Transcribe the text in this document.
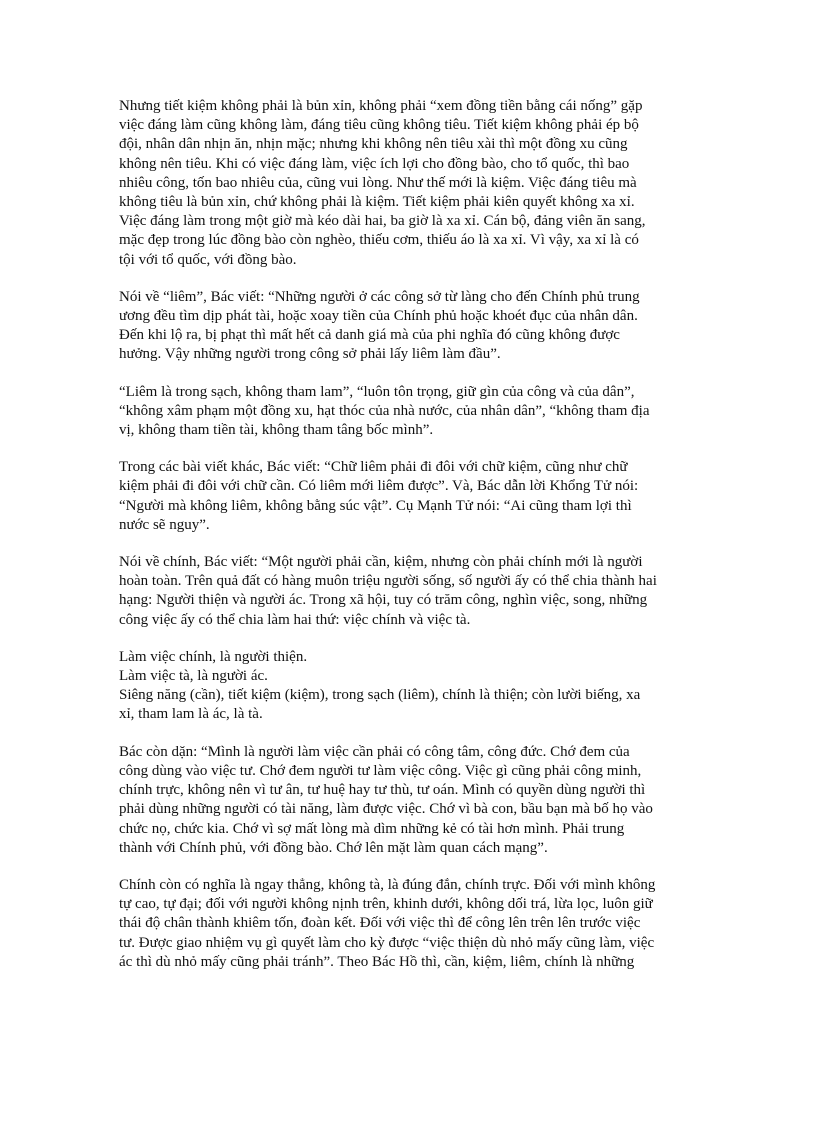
Nhưng tiết kiệm không phải là bủn xỉn, không phải “xem đồng tiền bằng cái nống” gặp
việc đáng làm cũng không làm, đáng tiêu cũng không tiêu. Tiết kiệm không phải ép bộ
đội, nhân dân nhịn ăn, nhịn mặc; nhưng khi không nên tiêu xài thì một đồng xu cũng
không nên tiêu. Khi có việc đáng làm, việc ích lợi cho đồng bào, cho tổ quốc, thì bao
nhiêu công, tốn bao nhiêu của, cũng vui lòng. Như thế mới là kiệm. Việc đáng tiêu mà
không tiêu là bủn xỉn, chứ không phải là kiệm. Tiết kiệm phải kiên quyết không xa xỉ.
Việc đáng làm trong một giờ mà kéo dài hai, ba giờ là xa xỉ. Cán bộ, đảng viên ăn sang,
mặc đẹp trong lúc đồng bào còn nghèo, thiếu cơm, thiếu áo là xa xỉ. Vì vậy, xa xỉ là có
tội với tổ quốc, với đồng bào.

Nói về “liêm”, Bác viết: “Những người ở các công sở từ làng cho đến Chính phủ trung
ương đều tìm dịp phát tài, hoặc xoay tiền của Chính phủ hoặc khoét đục của nhân dân.
Đến khi lộ ra, bị phạt thì mất hết cả danh giá mà của phi nghĩa đó cũng không được
hưởng. Vậy những người trong công sở phải lấy liêm làm đầu”.

“Liêm là trong sạch, không tham lam”, “luôn tôn trọng, giữ gìn của công và của dân”,
“không xâm phạm một đồng xu, hạt thóc của nhà nước, của nhân dân”, “không tham địa
vị, không tham tiền tài, không tham tâng bốc mình”.

Trong các bài viết khác, Bác viết: “Chữ liêm phải đi đôi với chữ kiệm, cũng như chữ
kiệm phải đi đôi với chữ cần. Có liêm mới liêm được”. Và, Bác dẫn lời Khổng Tử nói:
“Người mà không liêm, không bằng súc vật”. Cụ Mạnh Tử nói: “Ai cũng tham lợi thì
nước sẽ nguy”.

Nói về chính, Bác viết: “Một người phải cần, kiệm, nhưng còn phải chính mới là người
hoàn toàn. Trên quả đất có hàng muôn triệu người sống, số người ấy có thể chia thành hai
hạng: Người thiện và người ác. Trong xã hội, tuy có trăm công, nghìn việc, song, những
công việc ấy có thể chia làm hai thứ: việc chính và việc tà.

Làm việc chính, là người thiện.
Làm việc tà, là người ác.
Siêng năng (cần), tiết kiệm (kiệm), trong sạch (liêm), chính là thiện; còn lười biếng, xa
xỉ, tham lam là ác, là tà.

Bác còn dặn: “Mình là người làm việc cần phải có công tâm, công đức. Chớ đem của
công dùng vào việc tư. Chớ đem người tư làm việc công. Việc gì cũng phải công minh,
chính trực, không nên vì tư ân, tư huệ hay tư thù, tư oán. Mình có quyền dùng người thì
phải dùng những người có tài năng, làm được việc. Chớ vì bà con, bầu bạn mà bố họ vào
chức nọ, chức kia. Chớ vì sợ mất lòng mà dìm những kẻ có tài hơn mình. Phải trung
thành với Chính phủ, với đồng bào. Chớ lên mặt làm quan cách mạng”.

Chính còn có nghĩa là ngay thẳng, không tà, là đúng đắn, chính trực. Đối với mình không
tự cao, tự đại; đối với người không nịnh trên, khinh dưới, không dối trá, lừa lọc, luôn giữ
thái độ chân thành khiêm tốn, đoàn kết. Đối với việc thì để công lên trên lên trước việc
tư. Được giao nhiệm vụ gì quyết làm cho kỳ được “việc thiện dù nhỏ mấy cũng làm, việc
ác thì dù nhỏ mấy cũng phải tránh”. Theo Bác Hồ thì, cần, kiệm, liêm, chính là những
